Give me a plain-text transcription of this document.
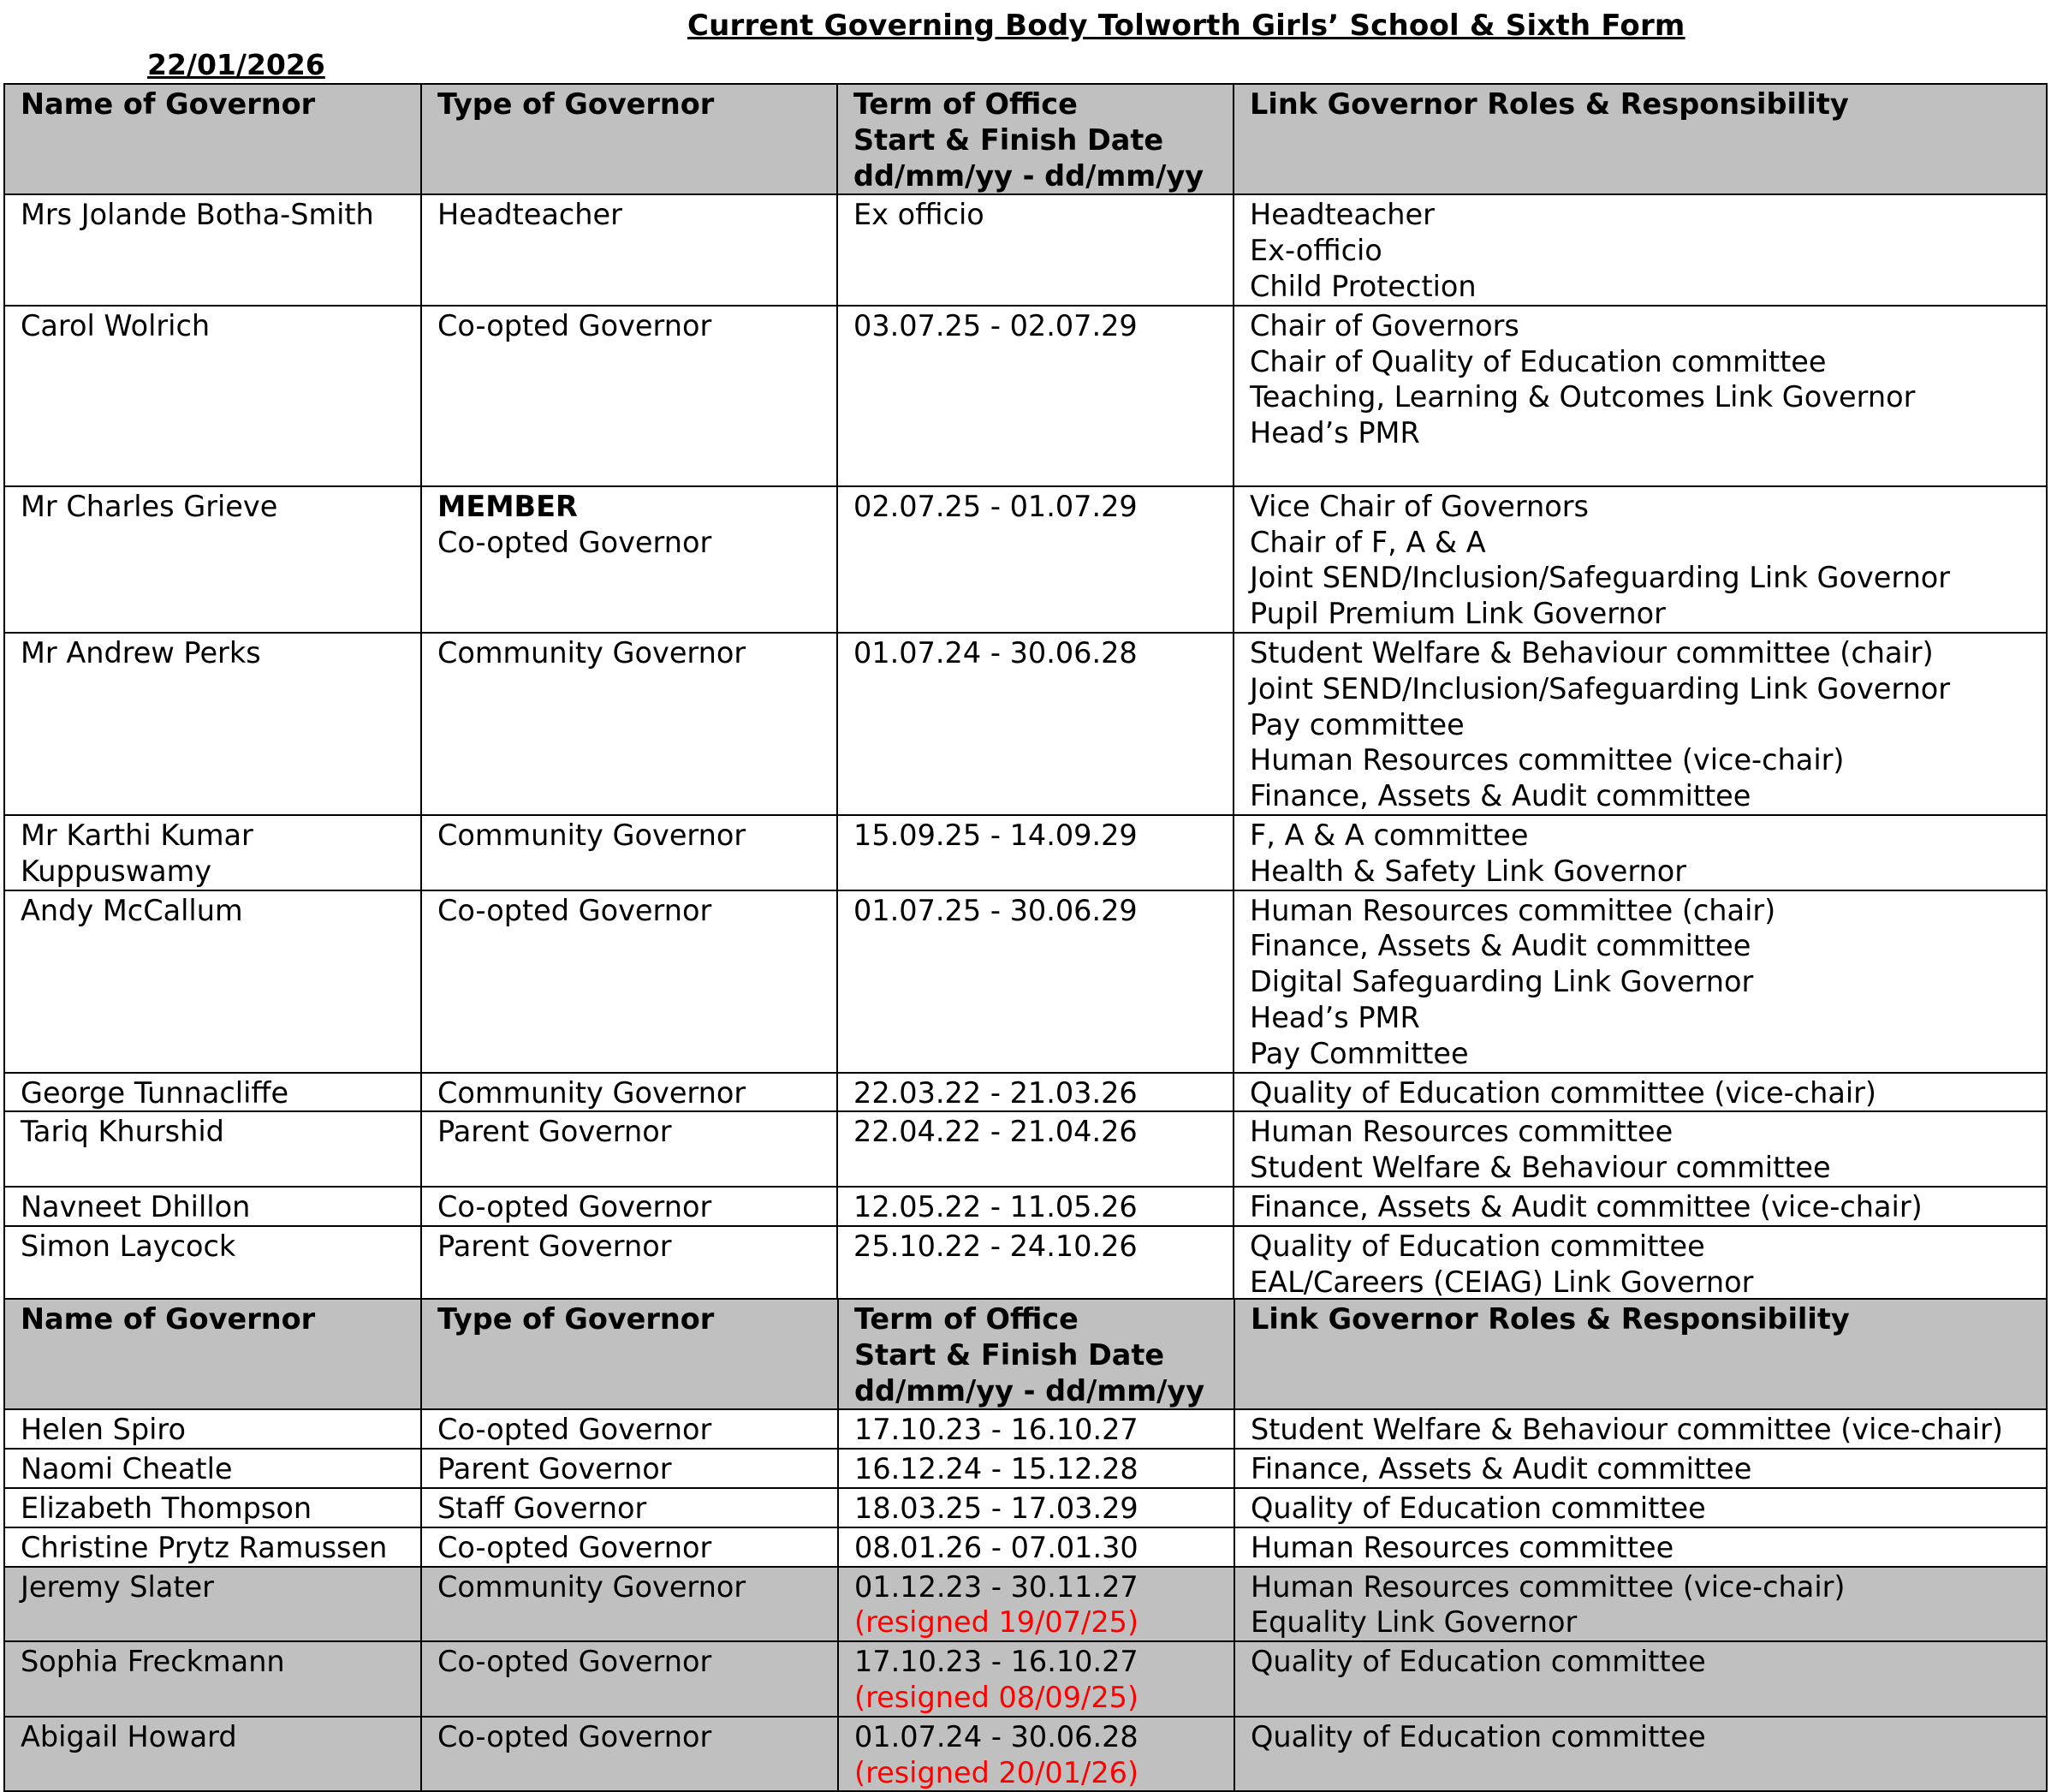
Current Governing Body Tolworth Girls’ School & Sixth Form
22/01/2026
Name of Governor	Type of Governor	Term of Office
Start & Finish Date
dd/mm/yy - dd/mm/yy	Link Governor Roles & Responsibility

Mrs Jolande Botha-Smith	Headteacher	Ex officio	Headteacher
Ex-officio
Child Protection

Carol Wolrich	Co-opted Governor	03.07.25 - 02.07.29	Chair of Governors
Chair of Quality of Education committee
Teaching, Learning & Outcomes Link Governor
Head’s PMR

Mr Charles Grieve	MEMBER
Co-opted Governor	02.07.25 - 01.07.29	Vice Chair of Governors
Chair of F, A & A
Joint SEND/Inclusion/Safeguarding Link Governor
Pupil Premium Link Governor

Mr Andrew Perks	Community Governor	01.07.24 - 30.06.28	Student Welfare & Behaviour committee (chair)
Joint SEND/Inclusion/Safeguarding Link Governor
Pay committee
Human Resources committee (vice-chair)
Finance, Assets & Audit committee

Mr Karthi Kumar
Kuppuswamy	Community Governor	15.09.25 - 14.09.29	F, A & A committee
Health & Safety Link Governor

Andy McCallum	Co-opted Governor	01.07.25 - 30.06.29	Human Resources committee (chair)
Finance, Assets & Audit committee
Digital Safeguarding Link Governor
Head’s PMR
Pay Committee

George Tunnacliffe	Community Governor	22.03.22 - 21.03.26	Quality of Education committee (vice-chair)

Tariq Khurshid	Parent Governor	22.04.22 - 21.04.26	Human Resources committee
Student Welfare & Behaviour committee

Navneet Dhillon	Co-opted Governor	12.05.22 - 11.05.26	Finance, Assets & Audit committee (vice-chair)

Simon Laycock	Parent Governor	25.10.22 - 24.10.26	Quality of Education committee
EAL/Careers (CEIAG) Link Governor
Name of Governor	Type of Governor	Term of Office
Start & Finish Date
dd/mm/yy - dd/mm/yy	Link Governor Roles & Responsibility

Helen Spiro	Co-opted Governor	17.10.23 - 16.10.27	Student Welfare & Behaviour committee (vice-chair)

Naomi Cheatle	Parent Governor	16.12.24 - 15.12.28	Finance, Assets & Audit committee

Elizabeth Thompson	Staff Governor	18.03.25 - 17.03.29	Quality of Education committee

Christine Prytz Ramussen	Co-opted Governor	08.01.26 - 07.01.30	Human Resources committee

Jeremy Slater	Community Governor	01.12.23 - 30.11.27
(resigned 19/07/25)	Human Resources committee (vice-chair)
Equality Link Governor

Sophia Freckmann	Co-opted Governor	17.10.23 - 16.10.27
(resigned 08/09/25)	Quality of Education committee

Abigail Howard	Co-opted Governor	01.07.24 - 30.06.28
(resigned 20/01/26)	Quality of Education committee
